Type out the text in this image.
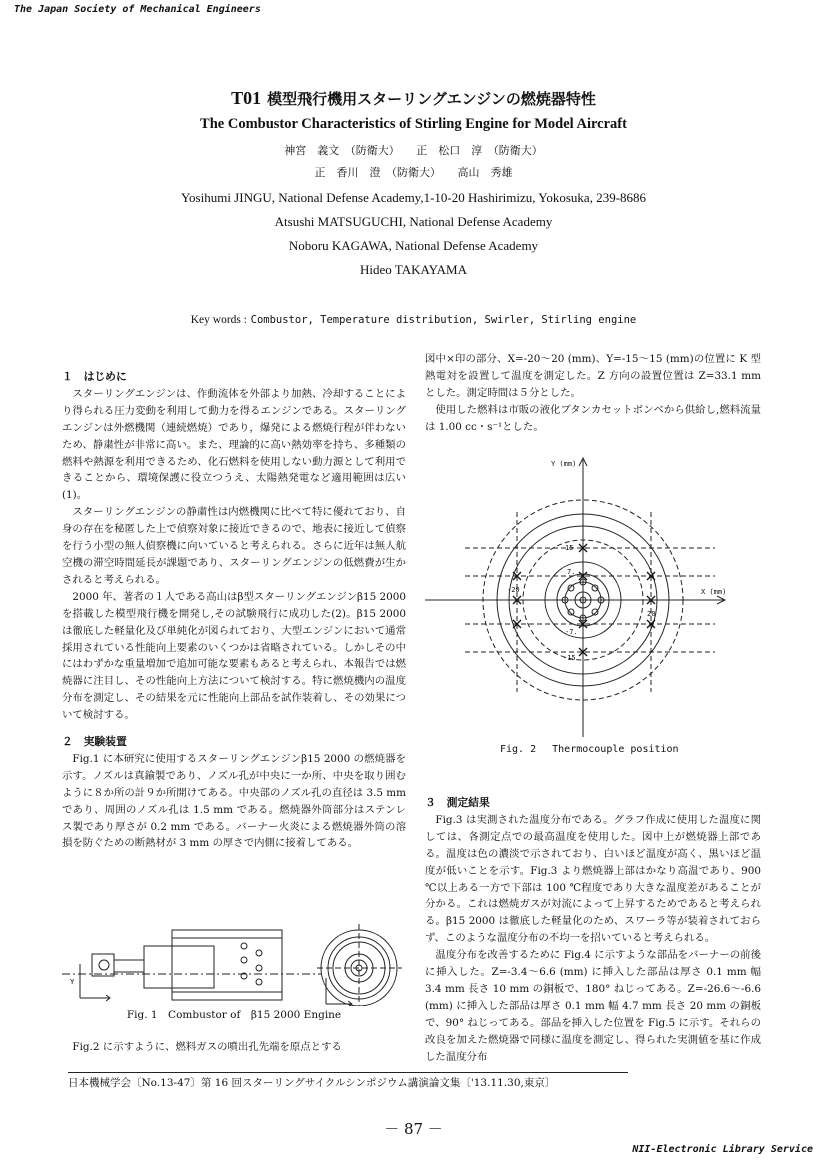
The Japan Society of Mechanical Engineers
T01 模型飛行機用スターリングエンジンの燃焼器特性
The Combustor Characteristics of Stirling Engine for Model Aircraft
神宮　義文　（防衛大）　　正　松口　淳　（防衛大）
正　香川　澄　（防衛大）　　高山　秀雄
Yosihumi JINGU, National Defense Academy,1-10-20 Hashirimizu, Yokosuka, 239-8686
Atsushi MATSUGUCHI, National Defense Academy
Noboru KAGAWA, National Defense Academy
Hideo TAKAYAMA
Key words : Combustor, Temperature distribution, Swirler, Stirling engine

１　はじめに

スターリングエンジンは、作動流体を外部より加熱、冷却することにより得られる圧力変動を利用して動力を得るエンジンである。スターリングエンジンは外燃機関（連続燃焼）であり，爆発による燃焼行程が伴わないため、静粛性が非常に高い。また、理論的に高い熱効率を持ち、多種類の燃料や熱源を利用できるため、化石燃料を使用しない動力源として利用できることから、環境保護に役立つうえ、太陽熱発電など適用範囲は広い(1)。

スターリングエンジンの静粛性は内燃機関に比べて特に優れており、自身の存在を秘匿した上で偵察対象に接近できるので、地表に接近して偵察を行う小型の無人偵察機に向いていると考えられる。さらに近年は無人航空機の滞空時間延長が課題であり、スターリングエンジンの低燃費が生かされると考えられる。

2000 年、著者の１人である高山はβ型スターリングエンジンβ15 2000 を搭載した模型飛行機を開発し,その試験飛行に成功した(2)。β15 2000 は徹底した軽量化及び単純化が図られており、大型エンジンにおいて通常採用されている性能向上要素のいくつかは省略されている。しかしその中にはわずかな重量増加で追加可能な要素もあると考えられ、本報告では燃焼器に注目し、その性能向上方法について検討する。特に燃焼機内の温度分布を測定し、その結果を元に性能向上部品を試作装着し、その効果について検討する。

２　実験装置

Fig.1 に本研究に使用するスターリングエンジンβ15 2000 の燃焼器を示す。ノズルは真鍮製であり、ノズル孔が中央に一か所、中央を取り囲むように８か所の計９か所開けてある。中央部のノズル孔の直径は 3.5 mm であり、周囲のノズル孔は 1.5 mm である。燃焼器外筒部分はステンレス製であり厚さが 0.2 mm である。バーナー火炎による燃焼器外筒の溶損を防ぐための断熱材が 3 mm の厚さで内側に接着してある。

Y
Fig. 1　Combustor of　β15 2000 Engine

Fig.2 に示すように、燃料ガスの噴出孔先端を原点とする

図中×印の部分、X=-20～20 (mm)、Y=-15～15 (mm)の位置に K 型熱電対を設置して温度を測定した。Z 方向の設置位置は Z=33.1 mm とした。測定時間は５分とした。

使用した燃料は市販の液化ブタンカセットボンベから供給し,燃料流量は 1.00 cc・s⁻¹とした。

Y (mm)
X (mm)
15
7.
-7.
-15
-20
20
Fig. 2　 Thermocouple position

３　測定結果

Fig.3 は実測された温度分布である。グラフ作成に使用した温度に関しては、各測定点での最高温度を使用した。図中上が燃焼器上部である。温度は色の濃淡で示されており、白いほど温度が高く、黒いほど温度が低いことを示す。Fig.3 より燃焼器上部はかなり高温であり、900 ℃以上ある一方で下部は 100 ℃程度であり大きな温度差があることが分かる。これは燃焼ガスが対流によって上昇するためであると考えられる。β15 2000 は徹底した軽量化のため、スワーラ等が装着されておらず、このような温度分布の不均一を招いていると考えられる。

温度分布を改善するために Fig.4 に示すような部品をバーナーの前後に挿入した。Z=-3.4～6.6 (mm) に挿入した部品は厚さ 0.1 mm 幅 3.4 mm 長さ 10 mm の銅板で、180° ねじってある。Z=-26.6～-6.6 (mm) に挿入した部品は厚さ 0.1 mm 幅 4.7 mm 長さ 20 mm の銅板で、90° ねじってある。部品を挿入した位置を Fig.5 に示す。それらの改良を加えた燃焼器で同様に温度を測定し、得られた実測値を基に作成した温度分布

日本機械学会〔No.13-47〕第 16 回スターリングサイクルシンポジウム講演論文集〔'13.11.30,東京〕
－ 87 －
NII-Electronic Library Service
